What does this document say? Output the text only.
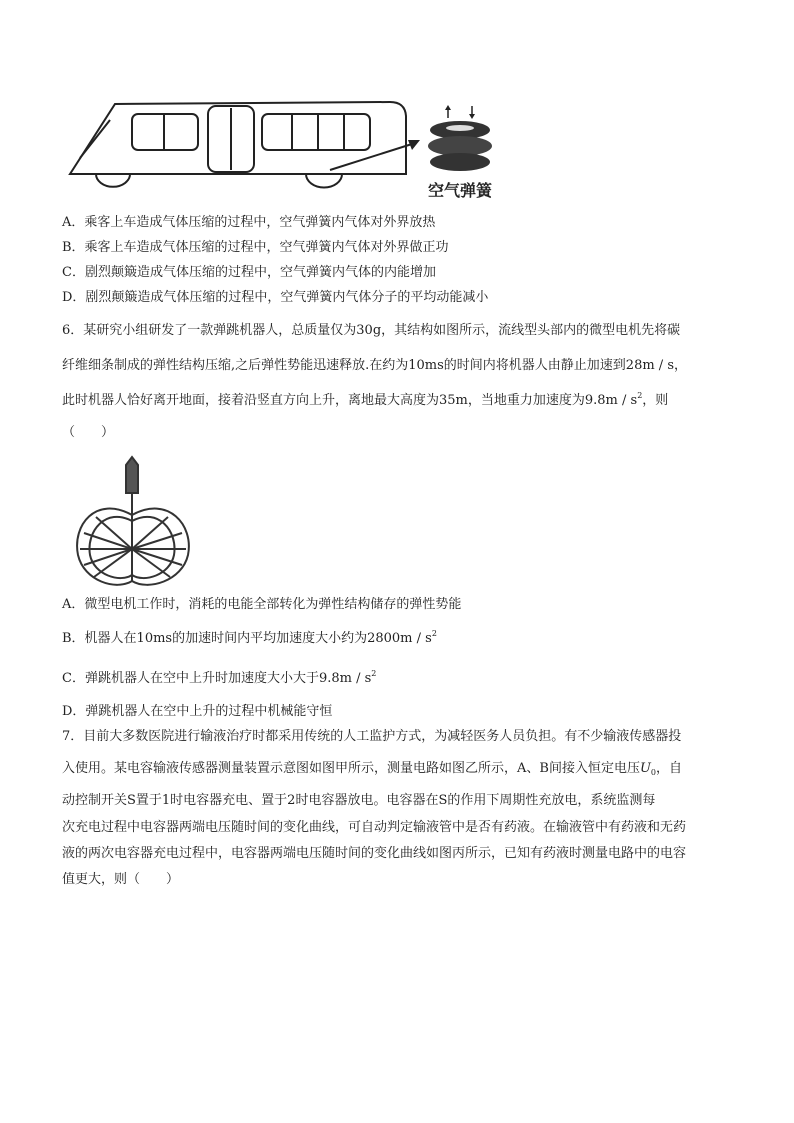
空气弹簧
A．乘客上车造成气体压缩的过程中，空气弹簧内气体对外界放热
B．乘客上车造成气体压缩的过程中，空气弹簧内气体对外界做正功
C．剧烈颠簸造成气体压缩的过程中，空气弹簧内气体的内能增加
D．剧烈颠簸造成气体压缩的过程中，空气弹簧内气体分子的平均动能减小
6．某研究小组研发了一款弹跳机器人，总质量仅为30g，其结构如图所示，流线型头部内的微型电机先将碳
纤维细条制成的弹性结构压缩,之后弹性势能迅速释放.在约为10ms的时间内将机器人由静止加速到28m / s，
此时机器人恰好离开地面，接着沿竖直方向上升，离地最大高度为35m，当地重力加速度为$9.8m / s^2$，则
（　　）
A．微型电机工作时，消耗的电能全部转化为弹性结构储存的弹性势能
B．机器人在10ms的加速时间内平均加速度大小约为$2800m / s^2$
C．弹跳机器人在空中上升时加速度大小大于$9.8m / s^2$
D．弹跳机器人在空中上升的过程中机械能守恒
7．目前大多数医院进行输液治疗时都采用传统的人工监护方式，为减轻医务人员负担。有不少输液传感器投
入使用。某电容输液传感器测量装置示意图如图甲所示，测量电路如图乙所示，A、B间接入恒定电压$U_0$，自
动控制开关S置于1时电容器充电、置于2时电容器放电。电容器在S的作用下周期性充放电，系统监测每
次充电过程中电容器两端电压随时间的变化曲线，可自动判定输液管中是否有药液。在输液管中有药液和无药
液的两次电容器充电过程中，电容器两端电压随时间的变化曲线如图丙所示，已知有药液时测量电路中的电容
值更大，则（　　）
